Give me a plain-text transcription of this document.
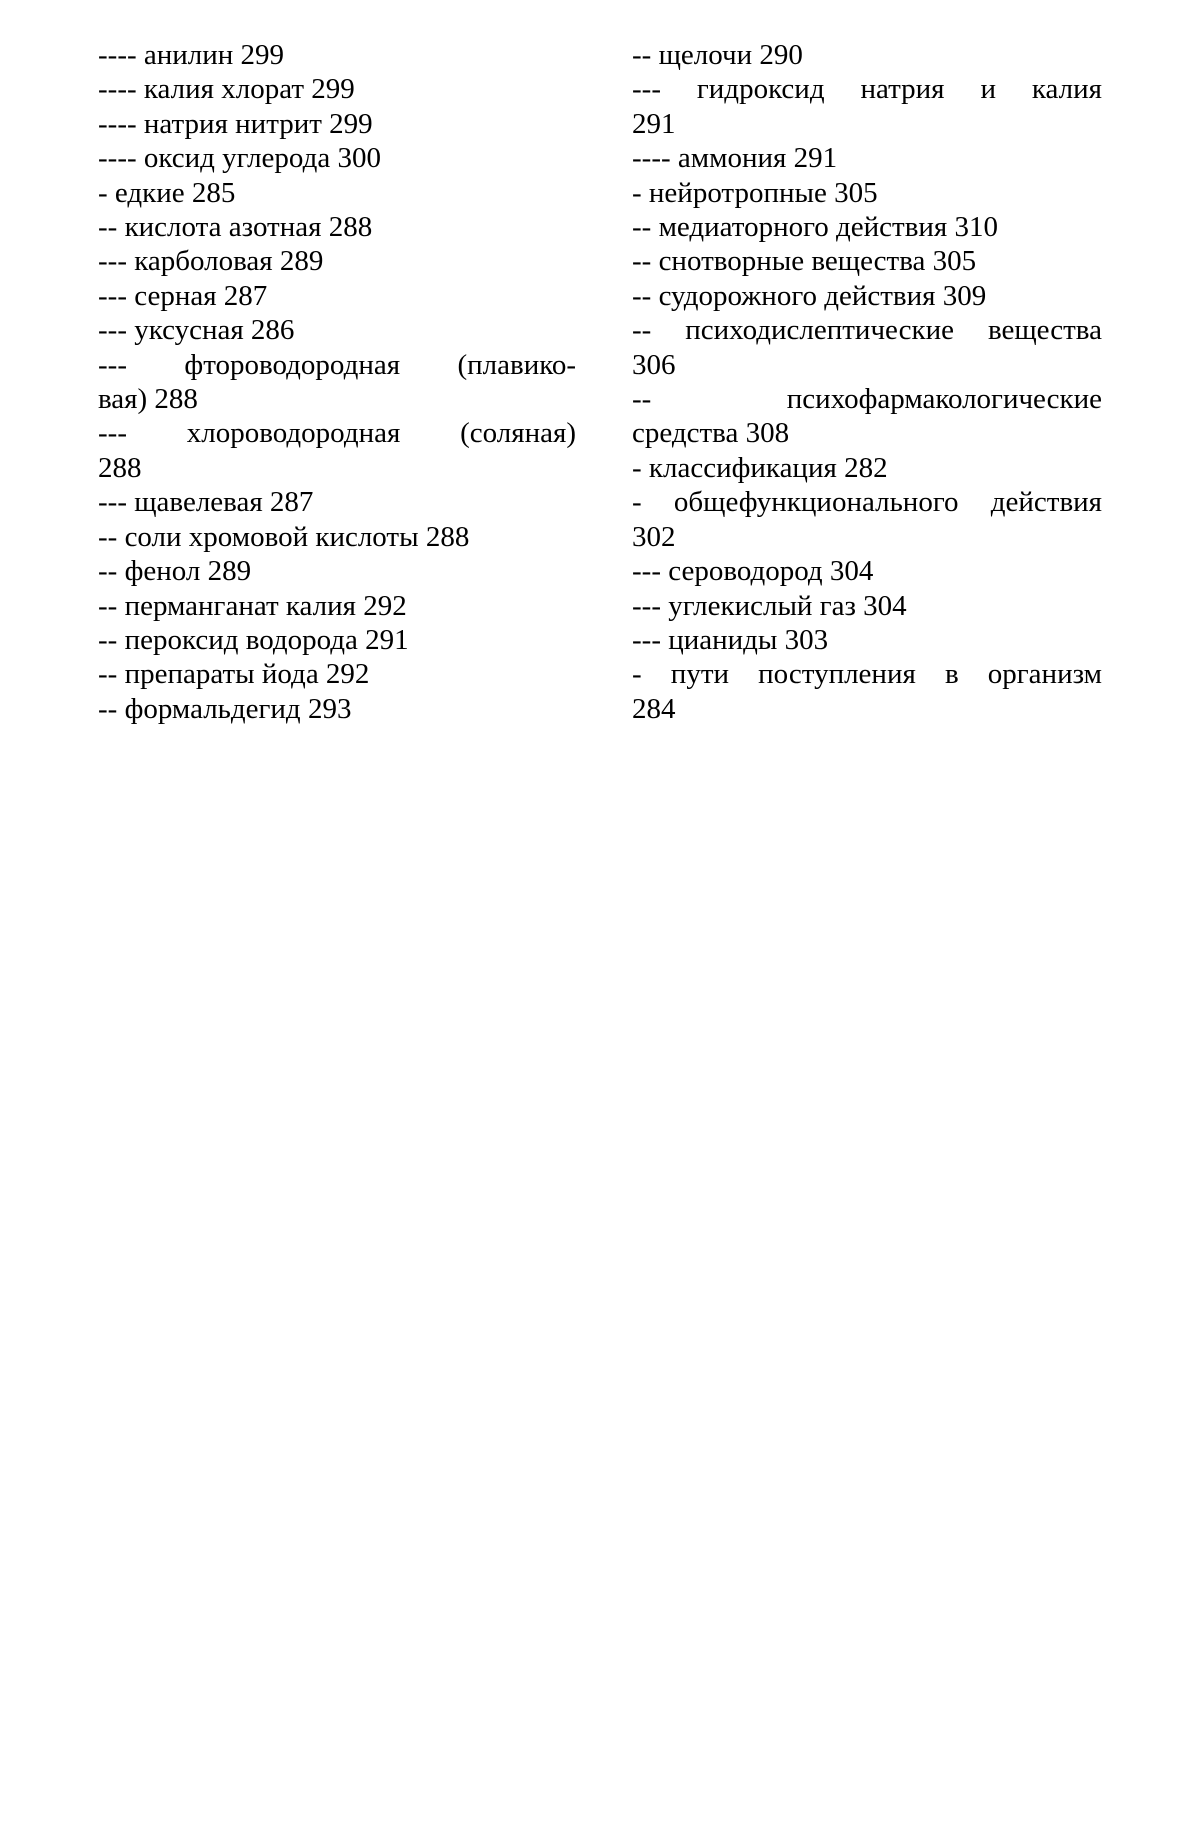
---- анилин 299
---- калия хлорат 299
---- натрия нитрит 299
---- оксид углерода 300
- едкие 285
-- кислота азотная 288
--- карболовая 289
--- серная 287
--- уксусная 286
--- фтороводородная (плавико-
вая) 288
--- хлороводородная (соляная)
288
--- щавелевая 287
-- соли хромовой кислоты 288
-- фенол 289
-- перманганат калия 292
-- пероксид водорода 291
-- препараты йода 292
-- формальдегид 293
-- щелочи 290
--- гидроксид натрия и калия
291
---- аммония 291
- нейротропные 305
-- медиаторного действия 310
-- снотворные вещества 305
-- судорожного действия 309
-- психодислептические вещества
306
-- психофармакологические
средства 308
- классификация 282
- общефункционального действия
302
--- сероводород 304
--- углекислый газ 304
--- цианиды 303
- пути поступления в организм
284
